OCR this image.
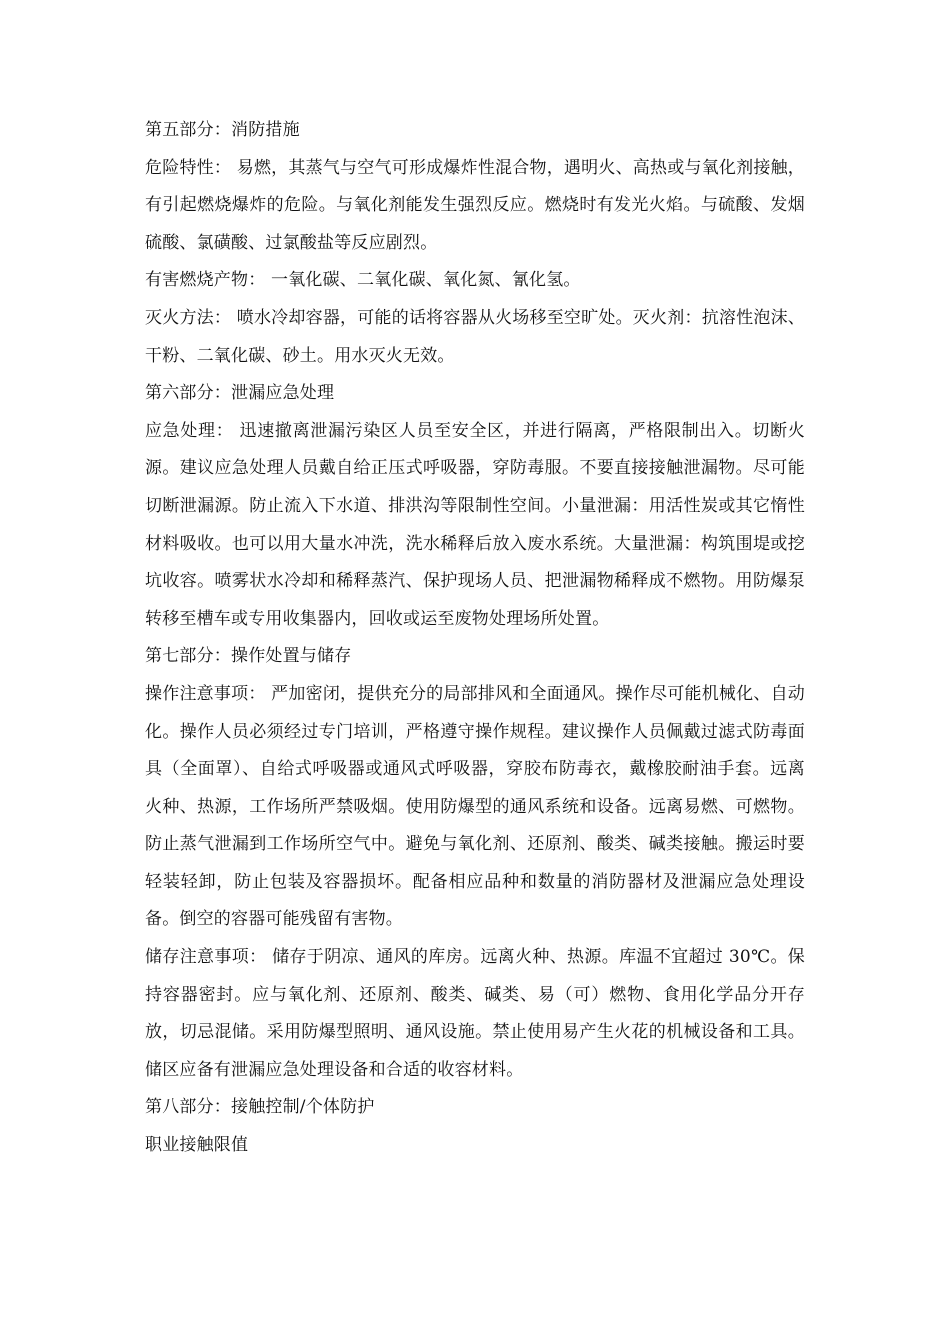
第五部分：消防措施

危险特性： 易燃，其蒸气与空气可形成爆炸性混合物，遇明火、高热或与氧化剂接触，有引起燃烧爆炸的危险。与氧化剂能发生强烈反应。燃烧时有发光火焰。与硫酸、发烟硫酸、氯磺酸、过氯酸盐等反应剧烈。

有害燃烧产物： 一氧化碳、二氧化碳、氧化氮、氰化氢。

灭火方法： 喷水冷却容器，可能的话将容器从火场移至空旷处。灭火剂：抗溶性泡沫、干粉、二氧化碳、砂土。用水灭火无效。

第六部分：泄漏应急处理

应急处理： 迅速撤离泄漏污染区人员至安全区，并进行隔离，严格限制出入。切断火源。建议应急处理人员戴自给正压式呼吸器，穿防毒服。不要直接接触泄漏物。尽可能切断泄漏源。防止流入下水道、排洪沟等限制性空间。小量泄漏：用活性炭或其它惰性材料吸收。也可以用大量水冲洗，洗水稀释后放入废水系统。大量泄漏：构筑围堤或挖坑收容。喷雾状水冷却和稀释蒸汽、保护现场人员、把泄漏物稀释成不燃物。用防爆泵转移至槽车或专用收集器内，回收或运至废物处理场所处置。

第七部分：操作处置与储存

操作注意事项： 严加密闭，提供充分的局部排风和全面通风。操作尽可能机械化、自动化。操作人员必须经过专门培训，严格遵守操作规程。建议操作人员佩戴过滤式防毒面具（全面罩）、自给式呼吸器或通风式呼吸器，穿胶布防毒衣，戴橡胶耐油手套。远离火种、热源，工作场所严禁吸烟。使用防爆型的通风系统和设备。远离易燃、可燃物。防止蒸气泄漏到工作场所空气中。避免与氧化剂、还原剂、酸类、碱类接触。搬运时要轻装轻卸，防止包装及容器损坏。配备相应品种和数量的消防器材及泄漏应急处理设备。倒空的容器可能残留有害物。

储存注意事项： 储存于阴凉、通风的库房。远离火种、热源。库温不宜超过 30℃。保持容器密封。应与氧化剂、还原剂、酸类、碱类、易（可）燃物、食用化学品分开存放，切忌混储。采用防爆型照明、通风设施。禁止使用易产生火花的机械设备和工具。储区应备有泄漏应急处理设备和合适的收容材料。

第八部分：接触控制/个体防护

职业接触限值
